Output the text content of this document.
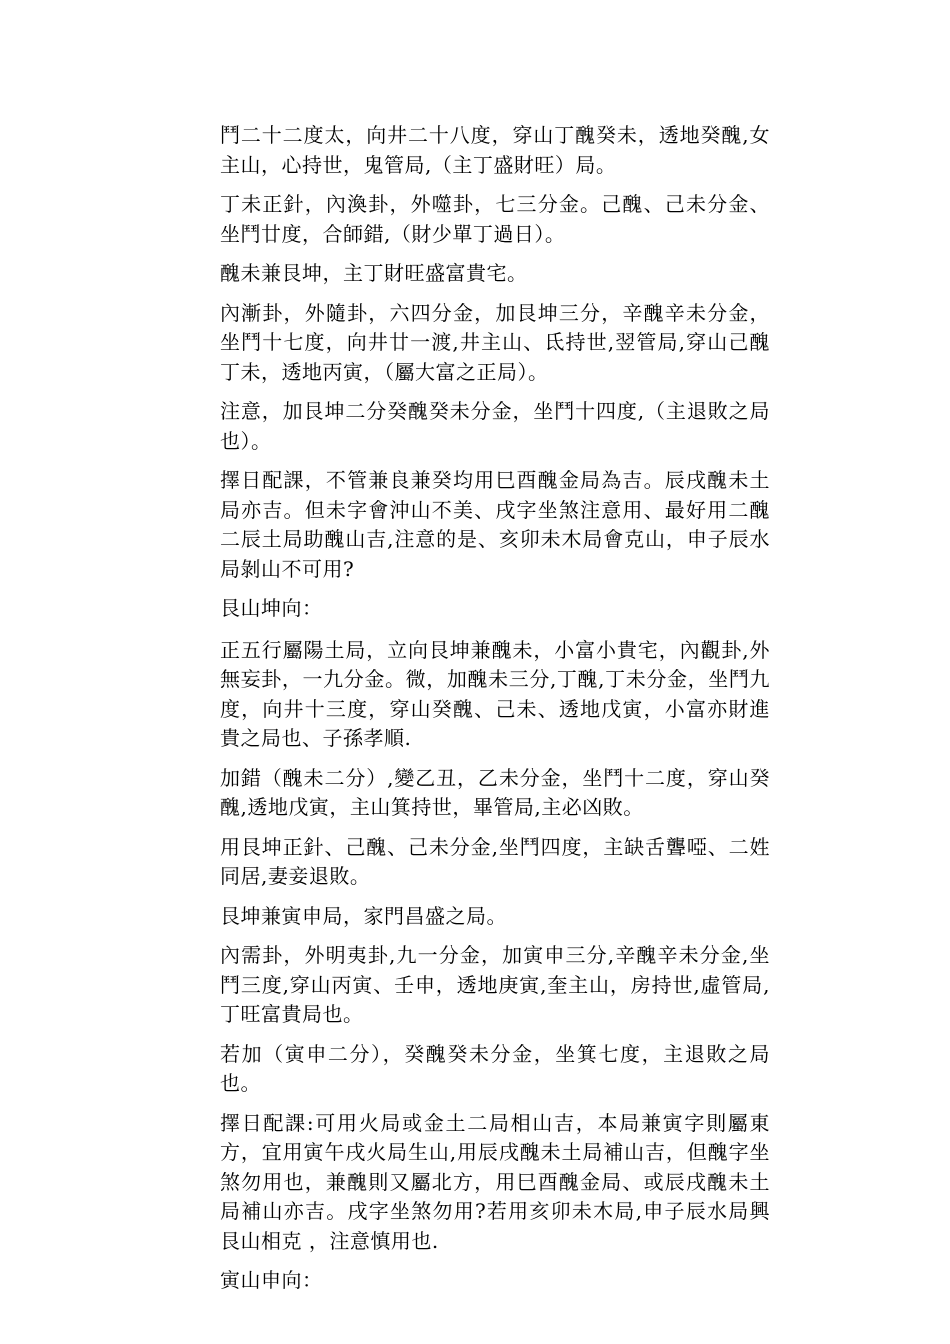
鬥二十二度太，向井二十八度，穿山丁醜癸未，透地癸醜,女主山，心持世，鬼管局,（主丁盛財旺）局。

丁未正針，內渙卦，外噬卦，七三分金。己醜、己未分金、坐鬥廿度，合師錯,（財少單丁過日）。

醜未兼艮坤，主丁財旺盛富貴宅。

內漸卦，外隨卦，六四分金，加艮坤三分，辛醜辛未分金，坐鬥十七度，向井廿一渡,井主山、氐持世,翌管局,穿山己醜丁未，透地丙寅，（屬大富之正局）。

注意，加艮坤二分癸醜癸未分金，坐鬥十四度,（主退敗之局也）。

擇日配課，不管兼良兼癸均用巳酉醜金局為吉。辰戌醜未土局亦吉。但未字會沖山不美、戌字坐煞注意用、最好用二醜二辰土局助醜山吉,注意的是、亥卯未木局會克山，申子辰水局剝山不可用?

艮山坤向：

正五行屬陽土局，立向艮坤兼醜未，小富小貴宅，內觀卦,外無妄卦，一九分金。微，加醜未三分,丁醜,丁未分金，坐鬥九度，向井十三度，穿山癸醜、己未、透地戊寅，小富亦財進貴之局也、子孫孝順.

加錯（醜未二分）,變乙丑，乙未分金，坐鬥十二度，穿山癸醜,透地戊寅，主山箕持世，畢管局,主必凶敗。

用艮坤正針、己醜、己未分金,坐鬥四度，主缺舌聾啞、二姓同居,妻妾退敗。

艮坤兼寅申局，家門昌盛之局。

內需卦，外明夷卦,九一分金，加寅申三分,辛醜辛未分金,坐鬥三度,穿山丙寅、壬申，透地庚寅,奎主山，房持世,虛管局,丁旺富貴局也。

若加（寅申二分），癸醜癸未分金，坐箕七度，主退敗之局也。

擇日配課:可用火局或金土二局相山吉，本局兼寅字則屬東方，宜用寅午戌火局生山,用辰戌醜未土局補山吉，但醜字坐煞勿用也，兼醜則又屬北方，用巳酉醜金局、或辰戌醜未土局補山亦吉。戌字坐煞勿用?若用亥卯未木局,申子辰水局興艮山相克 ，注意慎用也.

寅山申向：
